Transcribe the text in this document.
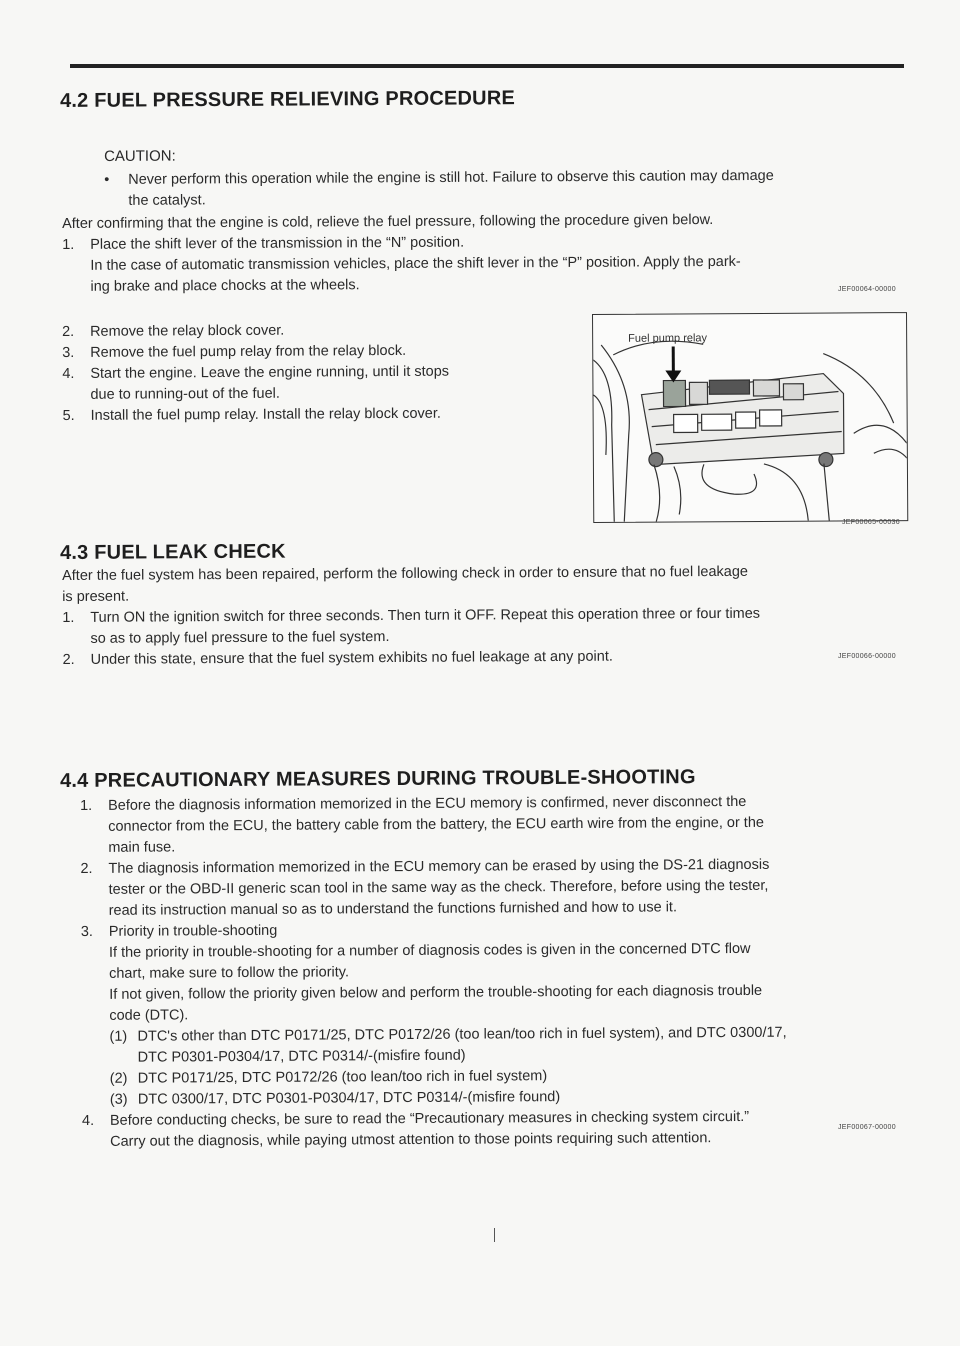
4.2 FUEL PRESSURE RELIEVING PROCEDURE
CAUTION:
•	Never perform this operation while the engine is still hot. Failure to observe this caution may damage
the catalyst.

After confirming that the engine is cold, relieve the fuel pressure, following the procedure given below.

1.	Place the shift lever of the transmission in the “N” position.
In the case of automatic transmission vehicles, place the shift lever in the “P” position. Apply the park-
ing brake and place chocks at the wheels.	JEF00064-00000
2.	Remove the relay block cover.
3.	Remove the fuel pump relay from the relay block.
4.	Start the engine. Leave the engine running, until it stops
due to running-out of the fuel.
5.	Install the fuel pump relay. Install the relay block cover.
Fuel pump relay
JEF00065-00036
4.3 FUEL LEAK CHECK

After the fuel system has been repaired, perform the following check in order to ensure that no fuel leakage

is present.

1.	Turn ON the ignition switch for three seconds. Then turn it OFF. Repeat this operation three or four times
so as to apply fuel pressure to the fuel system.
2.	Under this state, ensure that the fuel system exhibits no fuel leakage at any point.	JEF00066-00000
4.4 PRECAUTIONARY MEASURES DURING TROUBLE-SHOOTING
1.	Before the diagnosis information memorized in the ECU memory is confirmed, never disconnect the
connector from the ECU, the battery cable from the battery, the ECU earth wire from the engine, or the
main fuse.
2.	The diagnosis information memorized in the ECU memory can be erased by using the DS-21 diagnosis
tester or the OBD-II generic scan tool in the same way as the check. Therefore, before using the tester,
read its instruction manual so as to understand the functions furnished and how to use it.
3.	Priority in trouble-shooting
If the priority in trouble-shooting for a number of diagnosis codes is given in the concerned DTC flow
chart, make sure to follow the priority.
If not given, follow the priority given below and perform the trouble-shooting for each diagnosis trouble
code (DTC).
(1) DTC's other than DTC P0171/25, DTC P0172/26 (too lean/too rich in fuel system), and DTC 0300/17,
DTC P0301-P0304/17, DTC P0314/-(misfire found)
(2) DTC P0171/25, DTC P0172/26 (too lean/too rich in fuel system)
(3) DTC 0300/17, DTC P0301-P0304/17, DTC P0314/-(misfire found)
4.	Before conducting checks, be sure to read the “Precautionary measures in checking system circuit.”
Carry out the diagnosis, while paying utmost attention to those points requiring such attention.
JEF00067-00000
